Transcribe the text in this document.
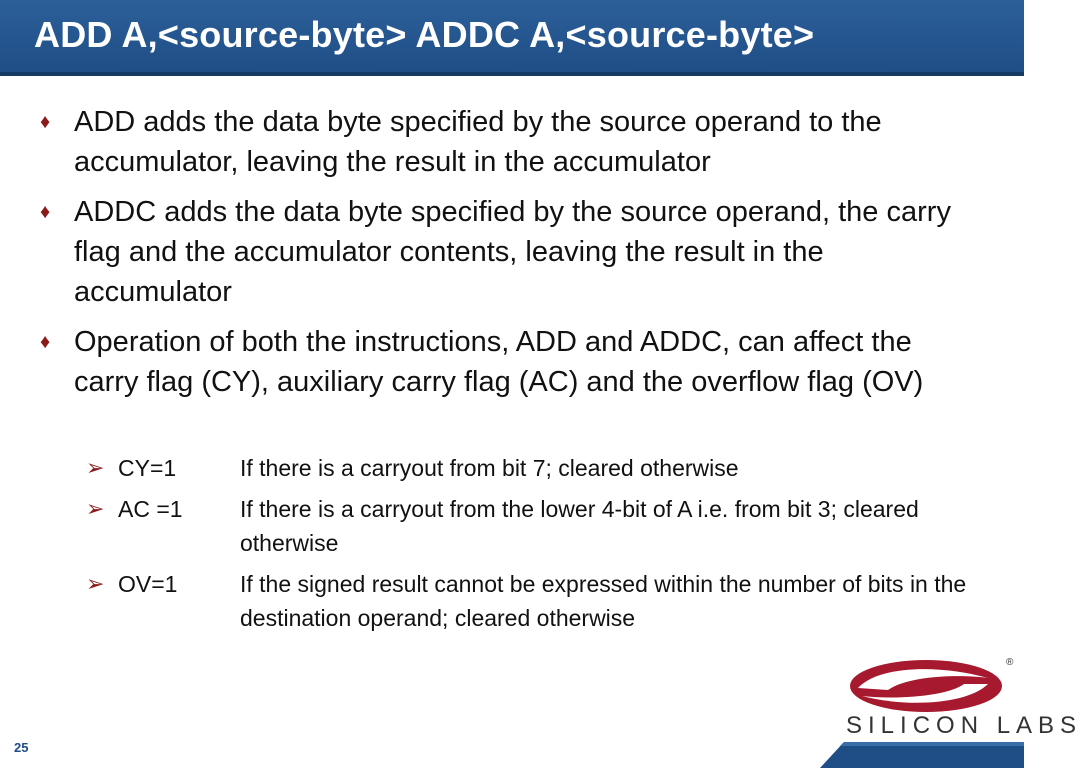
ADD A,<source-byte> ADDC A,<source-byte>
♦ ADD adds the data byte specified by the source operand to the accumulator, leaving the result in the accumulator
♦ ADDC adds the data byte specified by the source operand, the carry flag and the accumulator contents, leaving the result in the accumulator
♦ Operation of both the instructions, ADD and ADDC, can affect the carry flag (CY), auxiliary carry flag (AC) and the overflow flag (OV)
➢ CY=1	If there is a carryout from bit 7; cleared otherwise
➢ AC =1 If there is a carryout from the lower 4-bit of A i.e. from bit 3; cleared otherwise
➢ OV=1	If the signed result cannot be expressed within the number of bits in the destination operand; cleared otherwise
®
SILICON LABS
25
